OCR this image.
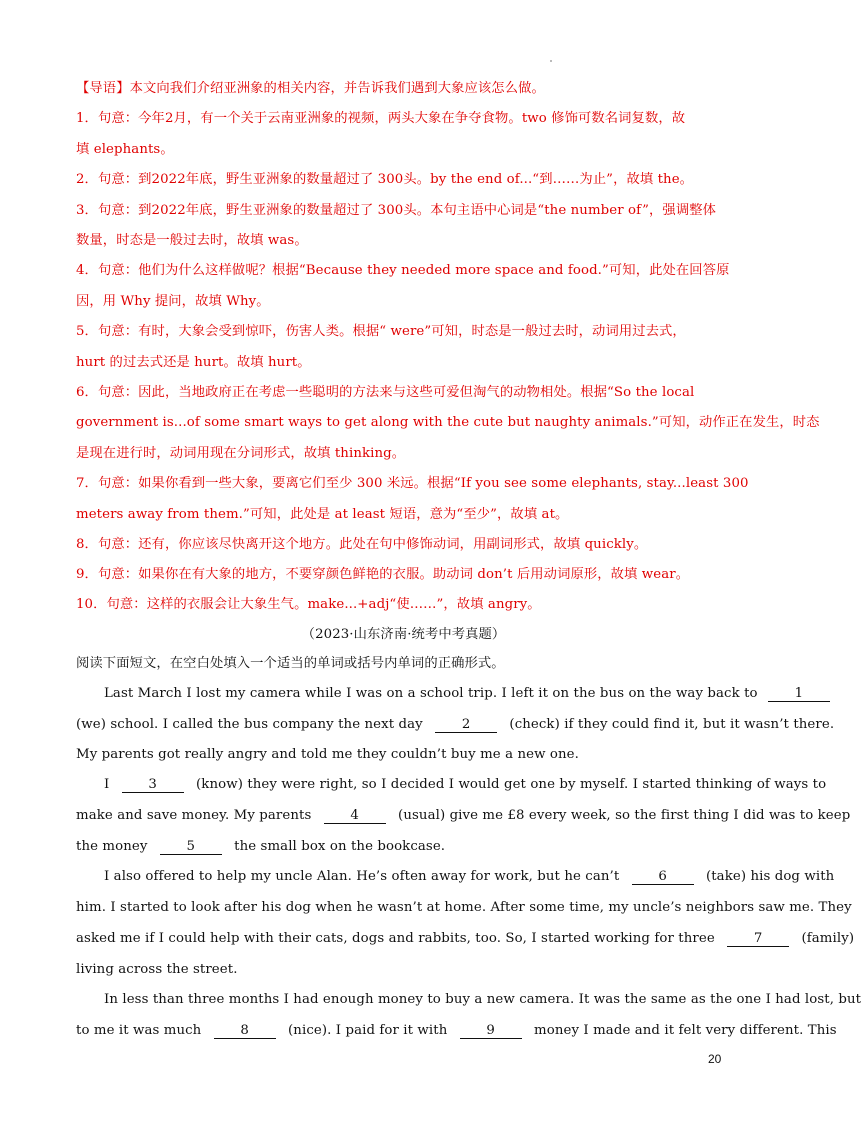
【导语】本文向我们介绍亚洲象的相关内容，并告诉我们遇到大象应该怎么做。
1．句意：今年2月，有一个关于云南亚洲象的视频，两头大象在争夺食物。two 修饰可数名词复数，故
填 elephants。
2．句意：到2022年底，野生亚洲象的数量超过了 300头。by the end of...“到……为止”，故填 the。
3．句意：到2022年底，野生亚洲象的数量超过了 300头。本句主语中心词是“the number of”，强调整体
数量，时态是一般过去时，故填 was。
4．句意：他们为什么这样做呢？根据“Because they needed more space and food.”可知，此处在回答原
因，用 Why 提问，故填 Why。
5．句意：有时，大象会受到惊吓，伤害人类。根据“ were”可知，时态是一般过去时，动词用过去式，
hurt 的过去式还是 hurt。故填 hurt。
6．句意：因此，当地政府正在考虑一些聪明的方法来与这些可爱但淘气的动物相处。根据“So the local
government is...of some smart ways to get along with the cute but naughty animals.”可知，动作正在发生，时态
是现在进行时，动词用现在分词形式，故填 thinking。
7．句意：如果你看到一些大象，要离它们至少 300 米远。根据“If you see some elephants, stay...least 300
meters away from them.”可知，此处是 at least 短语，意为“至少”，故填 at。
8．句意：还有，你应该尽快离开这个地方。此处在句中修饰动词，用副词形式，故填 quickly。
9．句意：如果你在有大象的地方，不要穿颜色鲜艳的衣服。助动词 don’t 后用动词原形，故填 wear。
10．句意：这样的衣服会让大象生气。make...+adj“使……”，故填 angry。
（2023·山东济南·统考中考真题）
阅读下面短文，在空白处填入一个适当的单词或括号内单词的正确形式。
Last March I lost my camera while I was on a school trip. I left it on the bus on the way back to	1
(we) school. I called the bus company the next day	2	(check) if they could find it, but it wasn’t there.
My parents got really angry and told me they couldn’t buy me a new one.
I	3	(know) they were right, so I decided I would get one by myself. I started thinking of ways to
make and save money. My parents	4	(usual) give me £8 every week, so the first thing I did was to keep
the money	5	the small box on the bookcase.
I also offered to help my uncle Alan. He’s often away for work, but he can’t	6	(take) his dog with
him. I started to look after his dog when he wasn’t at home. After some time, my uncle’s neighbors saw me. They
asked me if I could help with their cats, dogs and rabbits, too. So, I started working for three	7	(family)
living across the street.
In less than three months I had enough money to buy a new camera. It was the same as the one I had lost, but
to me it was much	8	(nice). I paid for it with	9	money I made and it felt very different. This
20
